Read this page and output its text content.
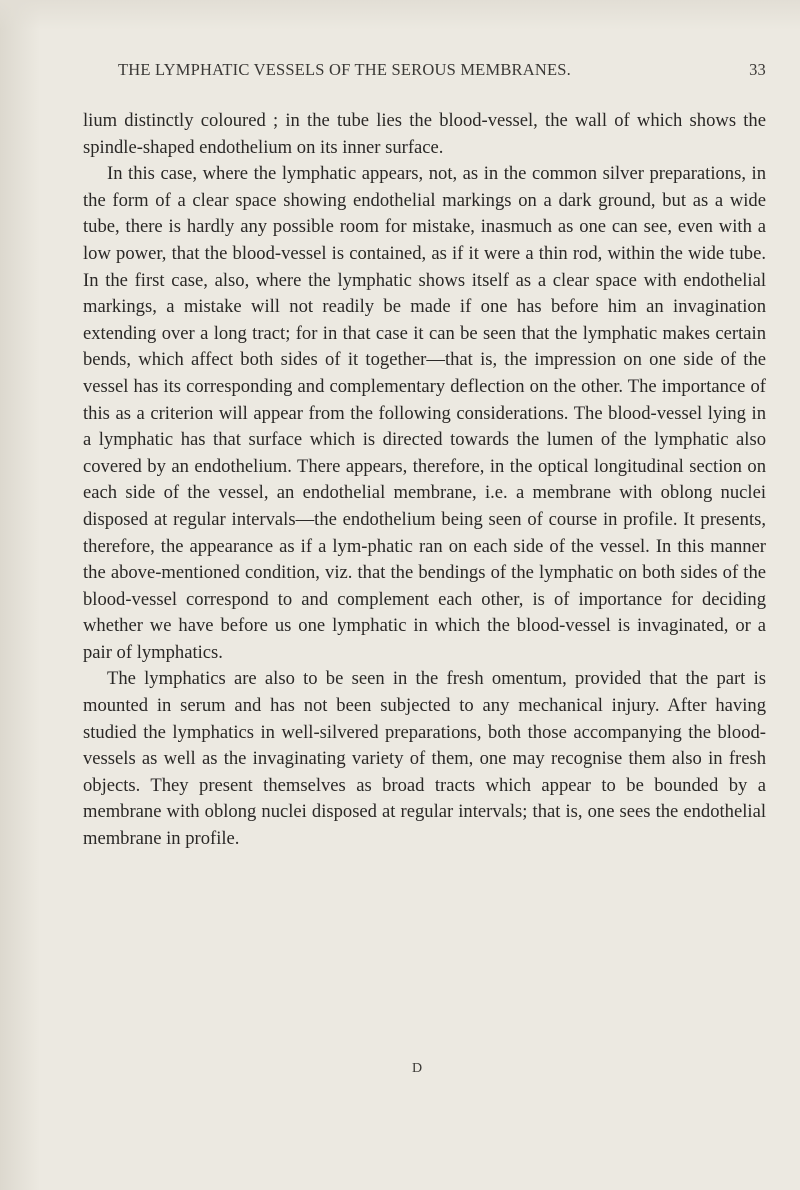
THE LYMPHATIC VESSELS OF THE SEROUS MEMBRANES.	33

lium distinctly coloured ; in the tube lies the blood-vessel, the wall of which shows the spindle-shaped endothelium on its inner surface.

In this case, where the lymphatic appears, not, as in the common silver preparations, in the form of a clear space showing endothelial markings on a dark ground, but as a wide tube, there is hardly any possible room for mistake, inasmuch as one can see, even with a low power, that the blood-vessel is contained, as if it were a thin rod, within the wide tube. In the first case, also, where the lymphatic shows itself as a clear space with endothelial markings, a mistake will not readily be made if one has before him an invagination extending over a long tract; for in that case it can be seen that the lymphatic makes certain bends, which affect both sides of it together—that is, the impression on one side of the vessel has its corresponding and complementary deflection on the other. The importance of this as a criterion will appear from the following considerations. The blood-vessel lying in a lymphatic has that surface which is directed towards the lumen of the lymphatic also covered by an endothelium. There appears, therefore, in the optical longitudinal section on each side of the vessel, an endothelial membrane, i.e. a membrane with oblong nuclei disposed at regular intervals—the endothelium being seen of course in profile. It presents, therefore, the appearance as if a lym-phatic ran on each side of the vessel. In this manner the above-mentioned condition, viz. that the bendings of the lymphatic on both sides of the blood-vessel correspond to and complement each other, is of importance for deciding whether we have before us one lymphatic in which the blood-vessel is invaginated, or a pair of lymphatics.

The lymphatics are also to be seen in the fresh omentum, provided that the part is mounted in serum and has not been subjected to any mechanical injury. After having studied the lymphatics in well-silvered preparations, both those accompanying the blood-vessels as well as the invaginating variety of them, one may recognise them also in fresh objects. They present themselves as broad tracts which appear to be bounded by a membrane with oblong nuclei disposed at regular intervals; that is, one sees the endothelial membrane in profile.

D
